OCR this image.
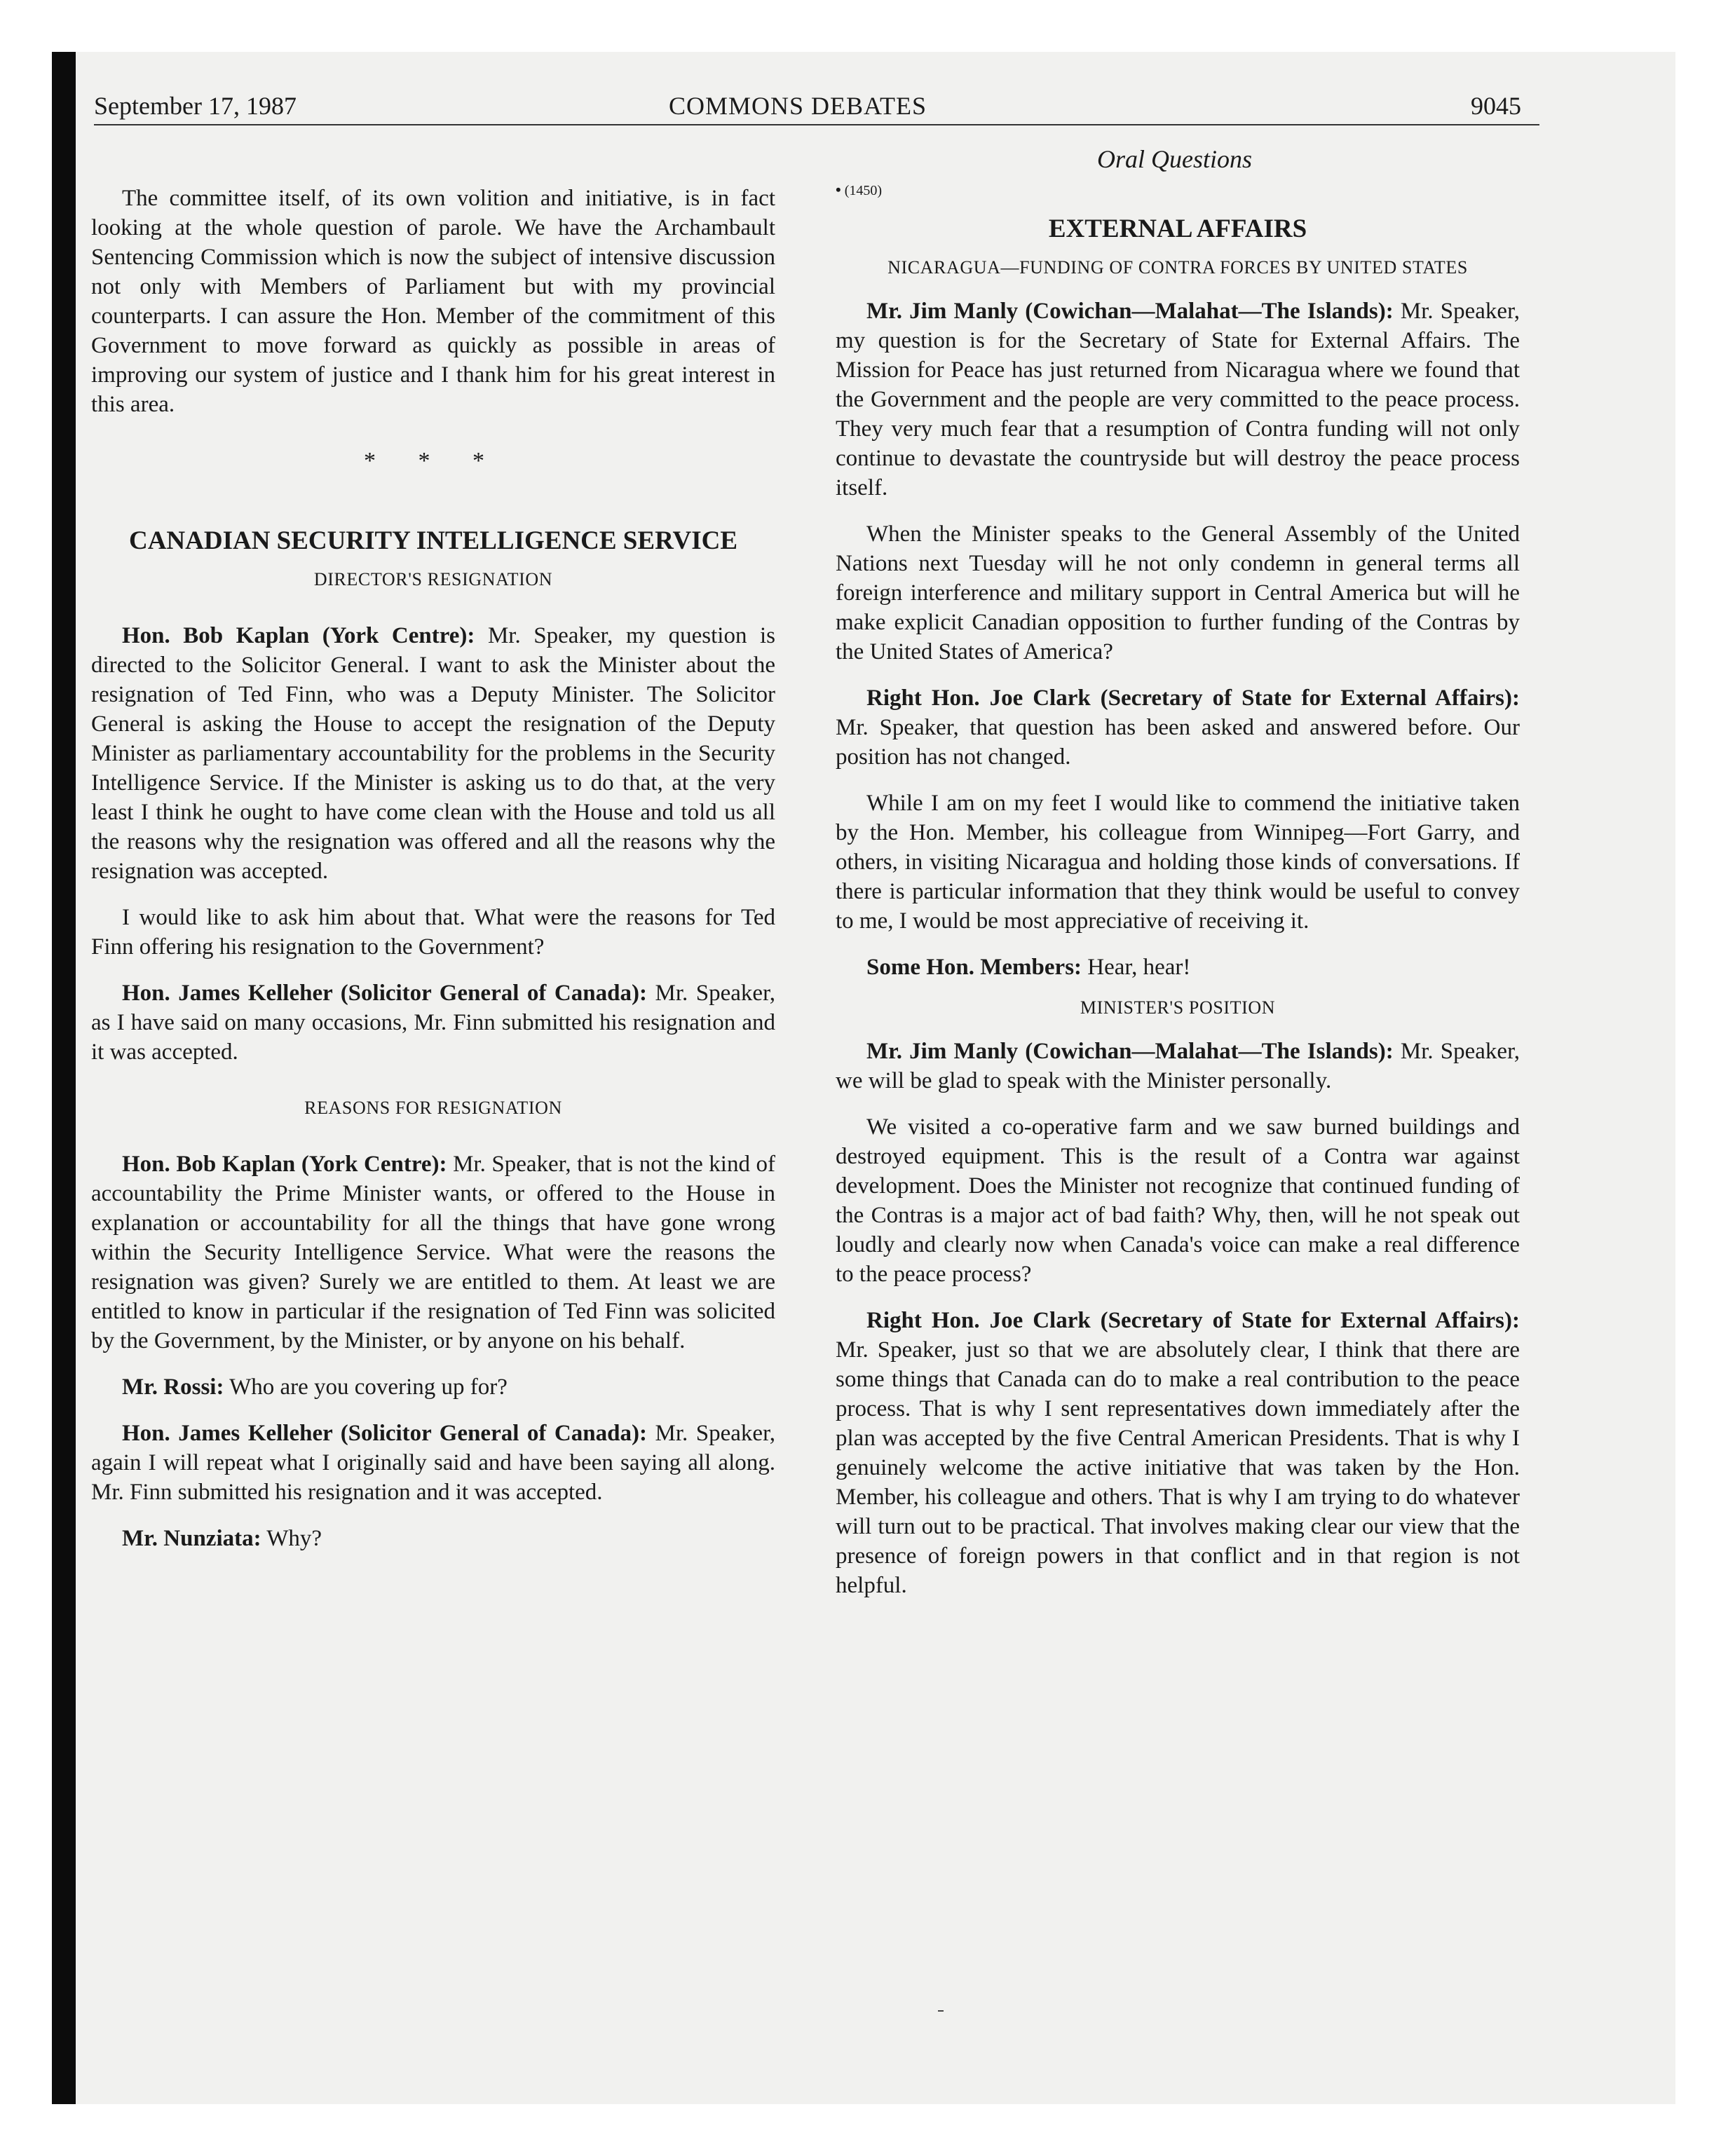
September 17, 1987	COMMONS DEBATES	9045
Oral Questions

The committee itself, of its own volition and initiative, is in fact looking at the whole question of parole. We have the Archambault Sentencing Commission which is now the subject of intensive discussion not only with Members of Parliament but with my provincial counterparts. I can assure the Hon. Member of the commitment of this Government to move forward as quickly as possible in areas of improving our system of justice and I thank him for his great interest in this area.

* * *
CANADIAN SECURITY INTELLIGENCE SERVICE
DIRECTOR'S RESIGNATION

Hon. Bob Kaplan (York Centre): Mr. Speaker, my question is directed to the Solicitor General. I want to ask the Minister about the resignation of Ted Finn, who was a Deputy Minister. The Solicitor General is asking the House to accept the resignation of the Deputy Minister as parliamentary accountability for the problems in the Security Intelligence Service. If the Minister is asking us to do that, at the very least I think he ought to have come clean with the House and told us all the reasons why the resignation was offered and all the reasons why the resignation was accepted.

I would like to ask him about that. What were the reasons for Ted Finn offering his resignation to the Government?

Hon. James Kelleher (Solicitor General of Canada): Mr. Speaker, as I have said on many occasions, Mr. Finn submitted his resignation and it was accepted.

REASONS FOR RESIGNATION

Hon. Bob Kaplan (York Centre): Mr. Speaker, that is not the kind of accountability the Prime Minister wants, or offered to the House in explanation or accountability for all the things that have gone wrong within the Security Intelligence Service. What were the reasons the resignation was given? Surely we are entitled to them. At least we are entitled to know in particular if the resignation of Ted Finn was solicited by the Government, by the Minister, or by anyone on his behalf.

Mr. Rossi: Who are you covering up for?

Hon. James Kelleher (Solicitor General of Canada): Mr. Speaker, again I will repeat what I originally said and have been saying all along. Mr. Finn submitted his resignation and it was accepted.

Mr. Nunziata: Why?

• (1450)
EXTERNAL AFFAIRS
NICARAGUA—FUNDING OF CONTRA FORCES BY UNITED STATES

Mr. Jim Manly (Cowichan—Malahat—The Islands): Mr. Speaker, my question is for the Secretary of State for External Affairs. The Mission for Peace has just returned from Nicaragua where we found that the Government and the people are very committed to the peace process. They very much fear that a resumption of Contra funding will not only continue to devastate the countryside but will destroy the peace process itself.

When the Minister speaks to the General Assembly of the United Nations next Tuesday will he not only condemn in general terms all foreign interference and military support in Central America but will he make explicit Canadian opposition to further funding of the Contras by the United States of America?

Right Hon. Joe Clark (Secretary of State for External Affairs): Mr. Speaker, that question has been asked and answered before. Our position has not changed.

While I am on my feet I would like to commend the initiative taken by the Hon. Member, his colleague from Winnipeg—Fort Garry, and others, in visiting Nicaragua and holding those kinds of conversations. If there is particular information that they think would be useful to convey to me, I would be most appreciative of receiving it.

Some Hon. Members: Hear, hear!

MINISTER'S POSITION

Mr. Jim Manly (Cowichan—Malahat—The Islands): Mr. Speaker, we will be glad to speak with the Minister personally.

We visited a co-operative farm and we saw burned buildings and destroyed equipment. This is the result of a Contra war against development. Does the Minister not recognize that continued funding of the Contras is a major act of bad faith? Why, then, will he not speak out loudly and clearly now when Canada's voice can make a real difference to the peace process?

Right Hon. Joe Clark (Secretary of State for External Affairs): Mr. Speaker, just so that we are absolutely clear, I think that there are some things that Canada can do to make a real contribution to the peace process. That is why I sent representatives down immediately after the plan was accepted by the five Central American Presidents. That is why I genuinely welcome the active initiative that was taken by the Hon. Member, his colleague and others. That is why I am trying to do whatever will turn out to be practical. That involves making clear our view that the presence of foreign powers in that conflict and in that region is not helpful.
